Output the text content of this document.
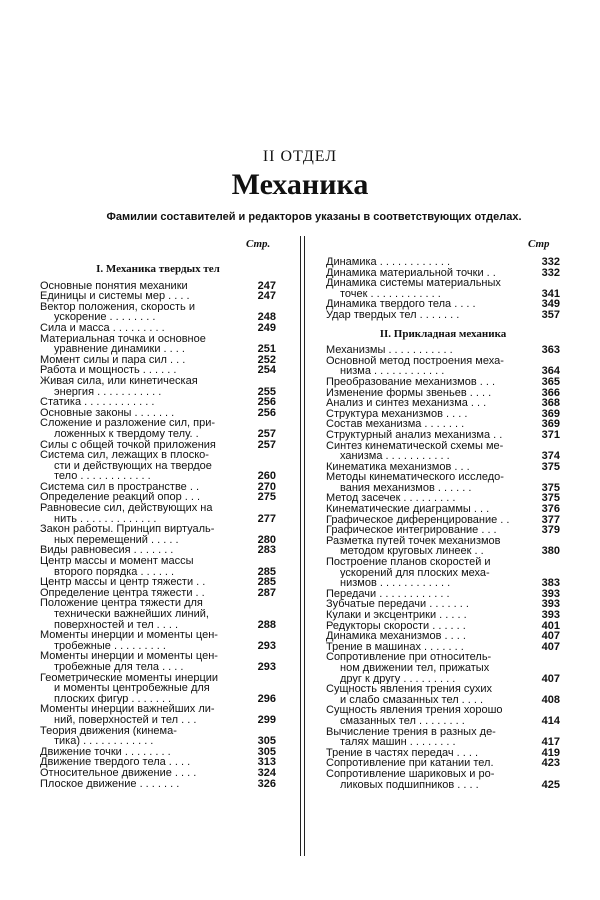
II ОТДЕЛ
Механика
Фамилии составителей и редакторов указаны в соответствующих отделах.
Стр.	Стр
I. Механика твердых тел
Основные понятия механики	247
Единицы и системы мер . . . .	247
Вектор положения, скорость и
ускорение . . . . . . . .	248
Сила и масса . . . . . . . . .	249
Материальная точка и основное
уравнение динамики . . . .	251
Момент силы и пара сил . . .	252
Работа и мощность . . . . . .	254
Живая сила, или кинетическая
энергия . . . . . . . . . . .	255
Статика . . . . . . . . . . . .	256
Основные законы . . . . . . .	256
Сложение и разложение сил, при-
ложенных к твердому телу. .	257
Силы с общей точкой приложения	257
Система сил, лежащих в плоско-
сти и действующих на твердое
тело . . . . . . . . . . . .	260
Система сил в пространстве . .	270
Определение реакций опор . . .	275
Равновесие сил, действующих на
нить . . . . . . . . . . . . .	277
Закон работы. Принцип виртуаль-
ных перемещений . . . . .	280
Виды равновесия . . . . . . .	283
Центр массы и момент массы
второго порядка . . . . . .	285
Центр массы и центр тяжести . .	285
Определение центра тяжести . .	287
Положение центра тяжести для
технически важнейших линий,
поверхностей и тел . . . .	288
Моменты инерции и моменты цен-
тробежные . . . . . . . . .	293
Моменты инерции и моменты цен-
тробежные для тела . . . .	293
Геометрические моменты инерции
и моменты центробежные для
плоских фигур . . . . . . .	296
Моменты инерции важнейших ли-
ний, поверхностей и тел . . .	299
Теория движения (кинема-
тика) . . . . . . . . . . . .	305
Движение точки . . . . . . . .	305
Движение твердого тела . . . .	313
Относительное движение . . . .	324
Плоское движение . . . . . . .	326
Динамика . . . . . . . . . . . .	332
Динамика материальной точки . .	332
Динамика системы материальных
точек . . . . . . . . . . . .	341
Динамика твердого тела . . . .	349
Удар твердых тел . . . . . . .	357
II. Прикладная механика
Механизмы . . . . . . . . . . .	363
Основной метод построения меха-
низма . . . . . . . . . . . .	364
Преобразование механизмов . . .	365
Изменение формы звеньев . . . .	366
Анализ и синтез механизма . . .	368
Структура механизмов . . . .	369
Состав механизма . . . . . . .	369
Структурный анализ механизма . .	371
Синтез кинематической схемы ме-
ханизма . . . . . . . . . . .	374
Кинематика механизмов . . .	375
Методы кинематического исследо-
вания механизмов . . . . . .	375
Метод засечек . . . . . . . . .	375
Кинематические диаграммы . . .	376
Графическое диференцирование . .	377
Графическое интегрирование . . .	379
Разметка путей точек механизмов
методом круговых линеек . .	380
Построение планов скоростей и
ускорений для плоских меха-
низмов . . . . . . . . . . . .	383
Передачи . . . . . . . . . . . .	393
Зубчатые передачи . . . . . . .	393
Кулаки и эксцентрики . . . . .	393
Редукторы скорости . . . . . .	401
Динамика механизмов . . . .	407
Трение в машинах . . . . . . .	407
Сопротивление при относитель-
ном движении тел, прижатых
друг к другу . . . . . . . . .	407
Сущность явления трения сухих
и слабо смазанных тел . . . .	408
Сущность явления трения хорошо
смазанных тел . . . . . . . .	414
Вычисление трения в разных де-
талях машин . . . . . . . .	417
Трение в частях передач . . . .	419
Сопротивление при катании тел.	423
Сопротивление шариковых и ро-
ликовых подшипников . . . .	425
